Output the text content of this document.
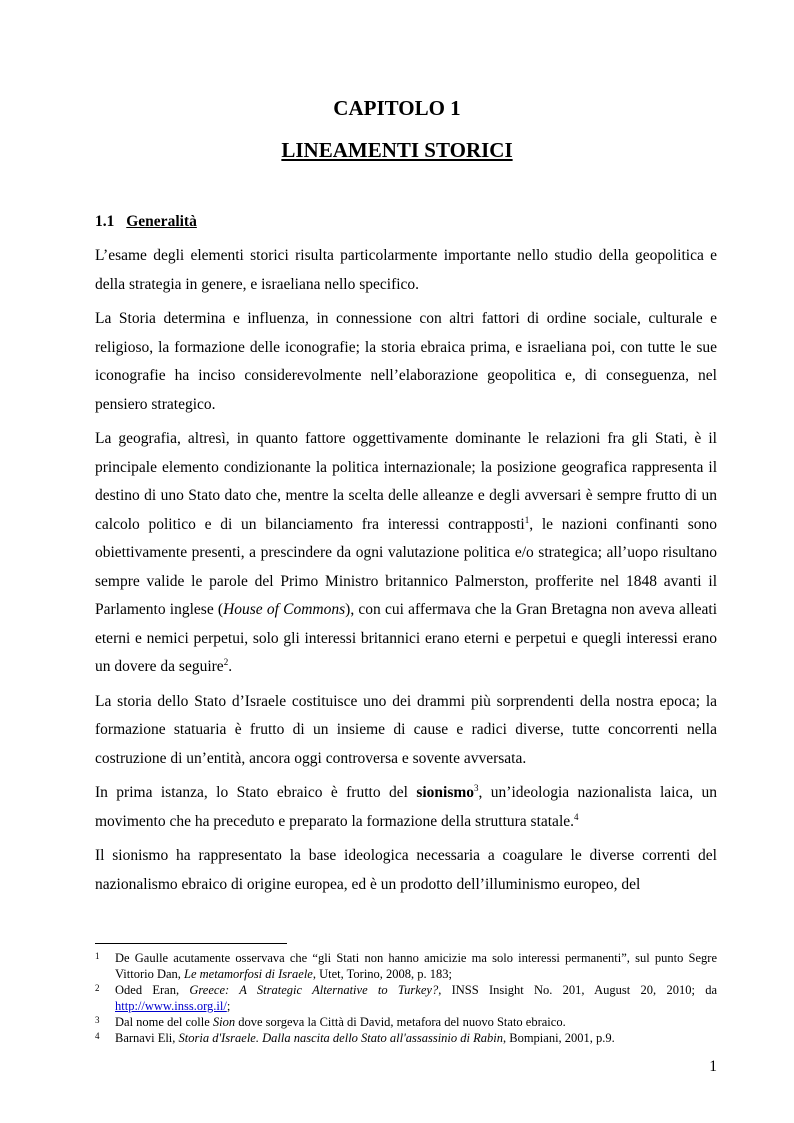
CAPITOLO 1
LINEAMENTI STORICI
1.1 Generalità

L’esame degli elementi storici risulta particolarmente importante nello studio della geopolitica e della strategia in genere, e israeliana nello specifico.

La Storia determina e influenza, in connessione con altri fattori di ordine sociale, culturale e religioso, la formazione delle iconografie; la storia ebraica prima, e israeliana poi, con tutte le sue iconografie ha inciso considerevolmente nell’elaborazione geopolitica e, di conseguenza, nel pensiero strategico.

La geografia, altresì, in quanto fattore oggettivamente dominante le relazioni fra gli Stati, è il principale elemento condizionante la politica internazionale; la posizione geografica rappresenta il destino di uno Stato dato che, mentre la scelta delle alleanze e degli avversari è sempre frutto di un calcolo politico e di un bilanciamento fra interessi contrapposti$^1$, le nazioni confinanti sono obiettivamente presenti, a prescindere da ogni valutazione politica e/o strategica; all’uopo risultano sempre valide le parole del Primo Ministro britannico Palmerston, profferite nel 1848 avanti il Parlamento inglese (House of Commons), con cui affermava che la Gran Bretagna non aveva alleati eterni e nemici perpetui, solo gli interessi britannici erano eterni e perpetui e quegli interessi erano un dovere da seguire$^2$.

La storia dello Stato d’Israele costituisce uno dei drammi più sorprendenti della nostra epoca; la formazione statuaria è frutto di un insieme di cause e radici diverse, tutte concorrenti nella costruzione di un’entità, ancora oggi controversa e sovente avversata.

In prima istanza, lo Stato ebraico è frutto del sionismo$^3$, un’ideologia nazionalista laica, un movimento che ha preceduto e preparato la formazione della struttura statale.$^4$

Il sionismo ha rappresentato la base ideologica necessaria a coagulare le diverse correnti del nazionalismo ebraico di origine europea, ed è un prodotto dell’illuminismo europeo, del

1 De Gaulle acutamente osservava che “gli Stati non hanno amicizie ma solo interessi permanenti”, sul punto Segre Vittorio Dan, Le metamorfosi di Israele, Utet, Torino, 2008, p. 183;
2 Oded Eran, Greece: A Strategic Alternative to Turkey?, INSS Insight No. 201, August 20, 2010; da http://www.inss.org.il/;
3 Dal nome del colle Sion dove sorgeva la Città di David, metafora del nuovo Stato ebraico.
4 Barnavi Eli, Storia d'Israele. Dalla nascita dello Stato all'assassinio di Rabin, Bompiani, 2001, p.9.
1
